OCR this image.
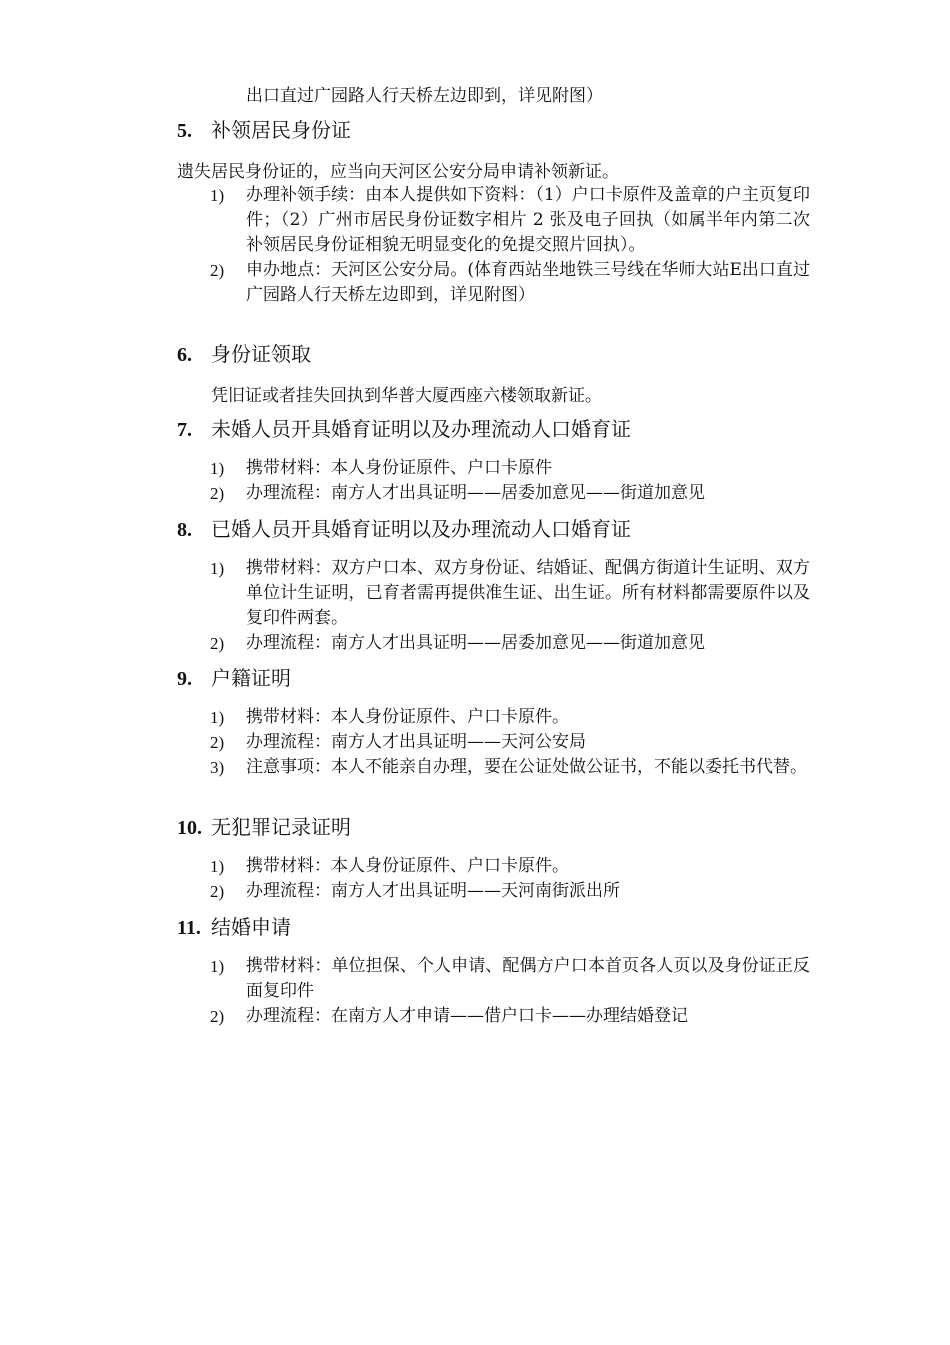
出口直过广园路人行天桥左边即到，详见附图）
5. 补领居民身份证
遗失居民身份证的，应当向天河区公安分局申请补领新证。
1)	办理补领手续：由本人提供如下资料：（1）户口卡原件及盖章的户主页复印件；（2）广州市居民身份证数字相片 2 张及电子回执（如属半年内第二次补领居民身份证相貌无明显变化的免提交照片回执）。
2)	申办地点：天河区公安分局。(体育西站坐地铁三号线在华师大站E出口直过广园路人行天桥左边即到，详见附图）
6. 身份证领取
凭旧证或者挂失回执到华普大厦西座六楼领取新证。
7. 未婚人员开具婚育证明以及办理流动人口婚育证
1)	携带材料：本人身份证原件、户口卡原件
2)	办理流程：南方人才出具证明——居委加意见——街道加意见
8. 已婚人员开具婚育证明以及办理流动人口婚育证
1)	携带材料：双方户口本、双方身份证、结婚证、配偶方街道计生证明、双方单位计生证明，已育者需再提供准生证、出生证。所有材料都需要原件以及复印件两套。
2)	办理流程：南方人才出具证明——居委加意见——街道加意见
9. 户籍证明
1)	携带材料：本人身份证原件、户口卡原件。
2)	办理流程：南方人才出具证明——天河公安局
3)	注意事项：本人不能亲自办理，要在公证处做公证书，不能以委托书代替。
10. 无犯罪记录证明
1)	携带材料：本人身份证原件、户口卡原件。
2)	办理流程：南方人才出具证明——天河南街派出所
11. 结婚申请
1)	携带材料：单位担保、个人申请、配偶方户口本首页各人页以及身份证正反面复印件
2)	办理流程：在南方人才申请——借户口卡——办理结婚登记
